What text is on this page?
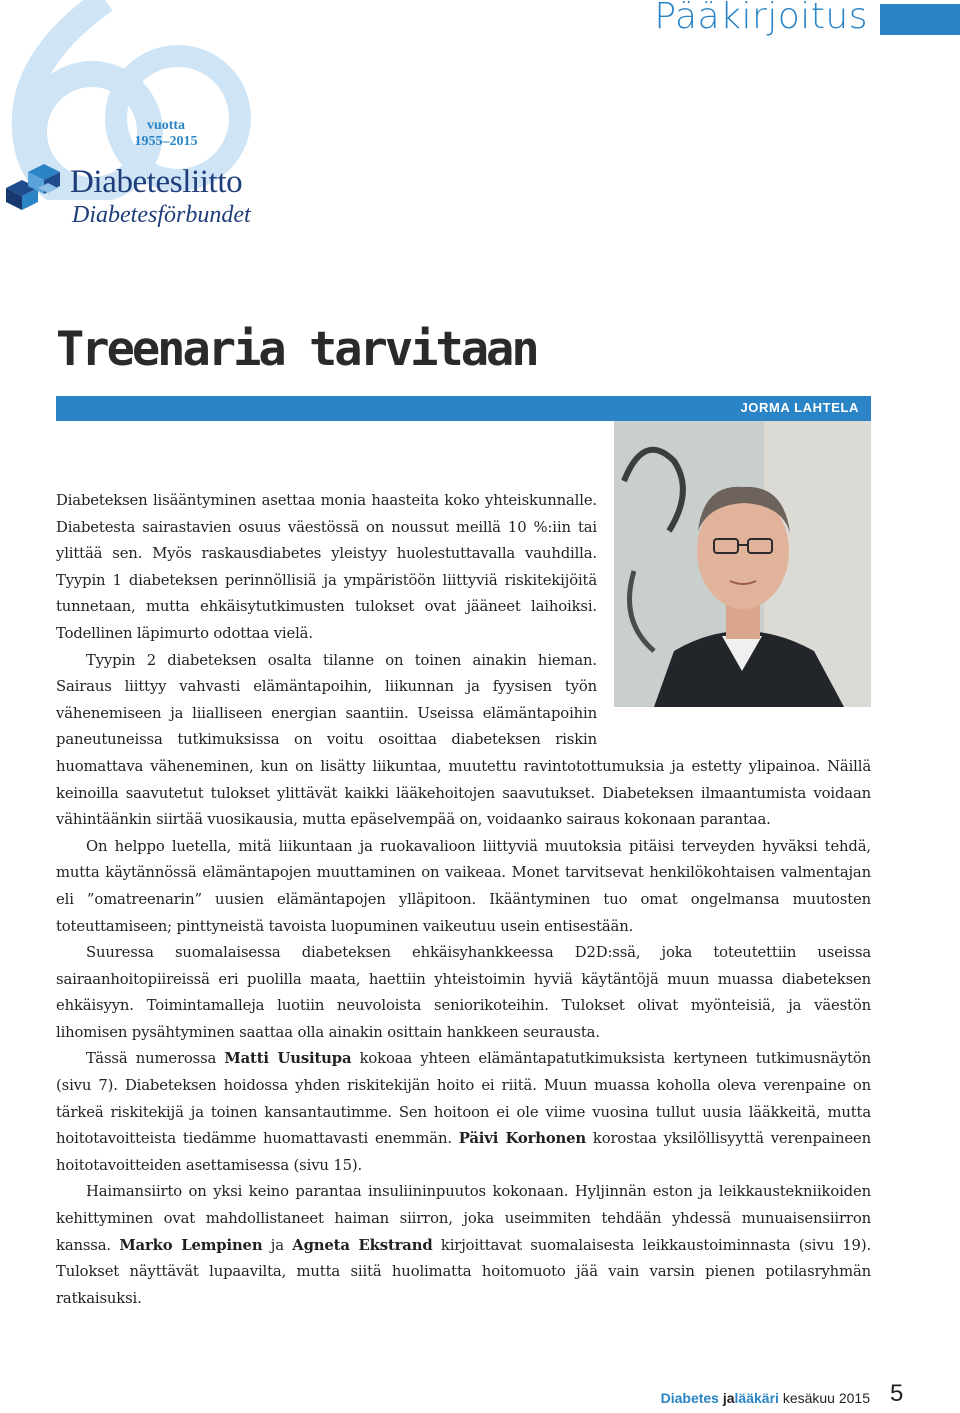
vuotta
1955–2015
Diabetesliitto
Diabetesförbundet
Pääkirjoitus
Treenaria tarvitaan
JORMA LAHTELA

Diabeteksen lisääntyminen asettaa monia haasteita koko yhteiskunnalle. Diabetesta sairastavien osuus väestössä on noussut meillä 10 %:iin tai ylittää sen. Myös raskausdiabetes yleistyy huolestuttavalla vauhdilla. Tyypin 1 diabeteksen perinnöllisiä ja ympäristöön liittyviä riskitekijöitä tunnetaan, mutta ehkäisytutkimusten tulokset ovat jääneet laihoiksi. Todellinen läpimurto odottaa vielä.

Tyypin 2 diabeteksen osalta tilanne on toinen ainakin hieman. Sairaus liittyy vahvasti elämäntapoihin, liikunnan ja fyysisen työn vähenemiseen ja liialliseen energian saantiin. Useissa elämäntapoihin paneutuneissa tutkimuksissa on voitu osoittaa diabeteksen riskin huomattava väheneminen, kun on lisätty liikuntaa, muutettu ravintotottumuksia ja estetty ylipainoa. Näillä keinoilla saavutetut tulokset ylittävät kaikki lääkehoitojen saavutukset. Diabeteksen ilmaantumista voidaan vähintäänkin siirtää vuosikausia, mutta epäselvempää on, voidaanko sairaus kokonaan parantaa.

On helppo luetella, mitä liikuntaan ja ruokavalioon liittyviä muutoksia pitäisi terveyden hyväksi tehdä, mutta käytännössä elämäntapojen muuttaminen on vaikeaa. Monet tarvitsevat henkilökohtaisen valmentajan eli ”omatreenarin” uusien elämäntapojen ylläpitoon. Ikääntyminen tuo omat ongelmansa muutosten toteuttamiseen; pinttyneistä tavoista luopuminen vaikeutuu usein entisestään.

Suuressa suomalaisessa diabeteksen ehkäisyhankkeessa D2D:ssä, joka toteutettiin useissa sairaanhoitopiireissä eri puolilla maata, haettiin yhteistoimin hyviä käytäntöjä muun muassa diabeteksen ehkäisyyn. Toimintamalleja luotiin neuvoloista seniorikoteihin. Tulokset olivat myönteisiä, ja väestön lihomisen pysähtyminen saattaa olla ainakin osittain hankkeen seurausta.

Tässä numerossa Matti Uusitupa kokoaa yhteen elämäntapatutkimuksista kertyneen tutkimusnäytön (sivu 7). Diabeteksen hoidossa yhden riskitekijän hoito ei riitä. Muun muassa koholla oleva verenpaine on tärkeä riskitekijä ja toinen kansantautimme. Sen hoitoon ei ole viime vuosina tullut uusia lääkkeitä, mutta hoitotavoitteista tiedämme huomattavasti enemmän. Päivi Korhonen korostaa yksilöllisyyttä verenpaineen hoitotavoitteiden asettamisessa (sivu 15).

Haimansiirto on yksi keino parantaa insuliininpuutos kokonaan. Hyljinnän eston ja leikkaustekniikoiden kehittyminen ovat mahdollistaneet haiman siirron, joka useimmiten tehdään yhdessä munuaisensiirron kanssa. Marko Lempinen ja Agneta Ekstrand kirjoittavat suomalaisesta leikkaustoiminnasta (sivu 19). Tulokset näyttävät lupaavilta, mutta siitä huolimatta hoitomuoto jää vain varsin pienen potilasryhmän ratkaisuksi.

Diabetes jalääkäri kesäkuu 2015 5
